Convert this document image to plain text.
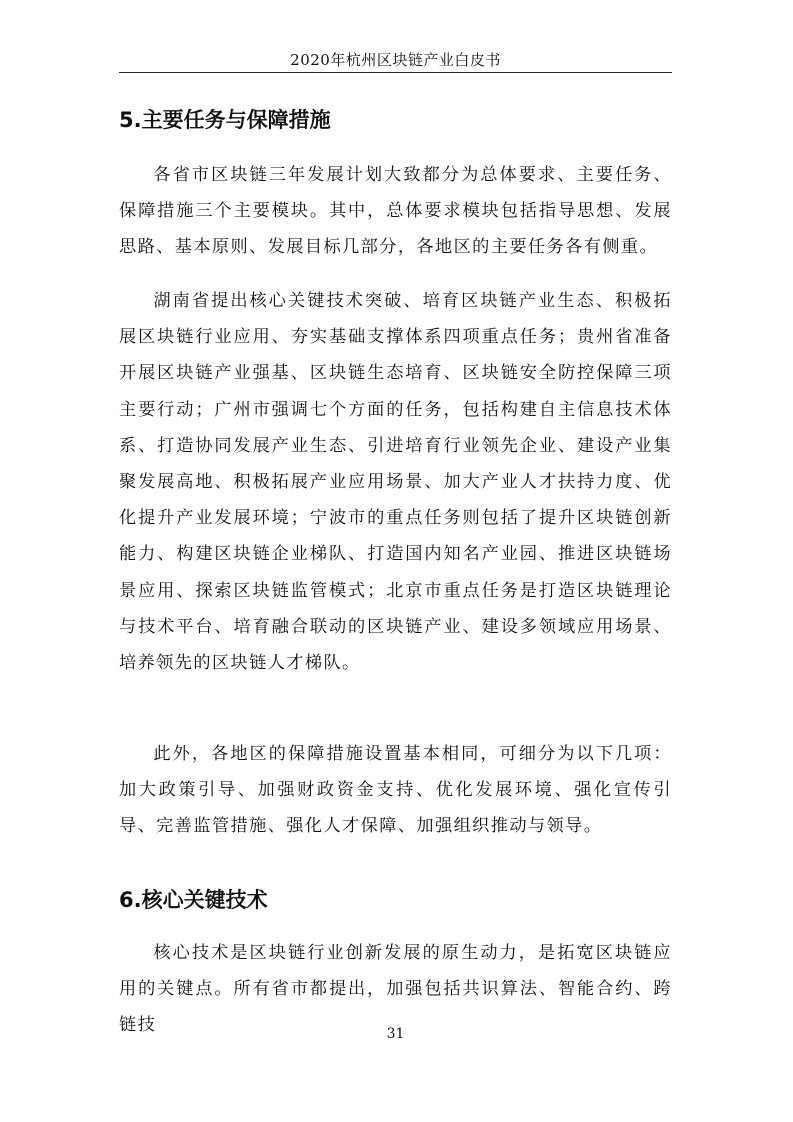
2020年杭州区块链产业白皮书
5.主要任务与保障措施

各省市区块链三年发展计划大致都分为总体要求、主要任务、保障措施三个主要模块。其中，总体要求模块包括指导思想、发展思路、基本原则、发展目标几部分，各地区的主要任务各有侧重。

湖南省提出核心关键技术突破、培育区块链产业生态、积极拓展区块链行业应用、夯实基础支撑体系四项重点任务；贵州省准备开展区块链产业强基、区块链生态培育、区块链安全防控保障三项主要行动；广州市强调七个方面的任务，包括构建自主信息技术体系、打造协同发展产业生态、引进培育行业领先企业、建设产业集聚发展高地、积极拓展产业应用场景、加大产业人才扶持力度、优化提升产业发展环境；宁波市的重点任务则包括了提升区块链创新能力、构建区块链企业梯队、打造国内知名产业园、推进区块链场景应用、探索区块链监管模式；北京市重点任务是打造区块链理论与技术平台、培育融合联动的区块链产业、建设多领域应用场景、培养领先的区块链人才梯队。

此外，各地区的保障措施设置基本相同，可细分为以下几项：加大政策引导、加强财政资金支持、优化发展环境、强化宣传引导、完善监管措施、强化人才保障、加强组织推动与领导。

6.核心关键技术

核心技术是区块链行业创新发展的原生动力，是拓宽区块链应用的关键点。所有省市都提出，加强包括共识算法、智能合约、跨链技	31
